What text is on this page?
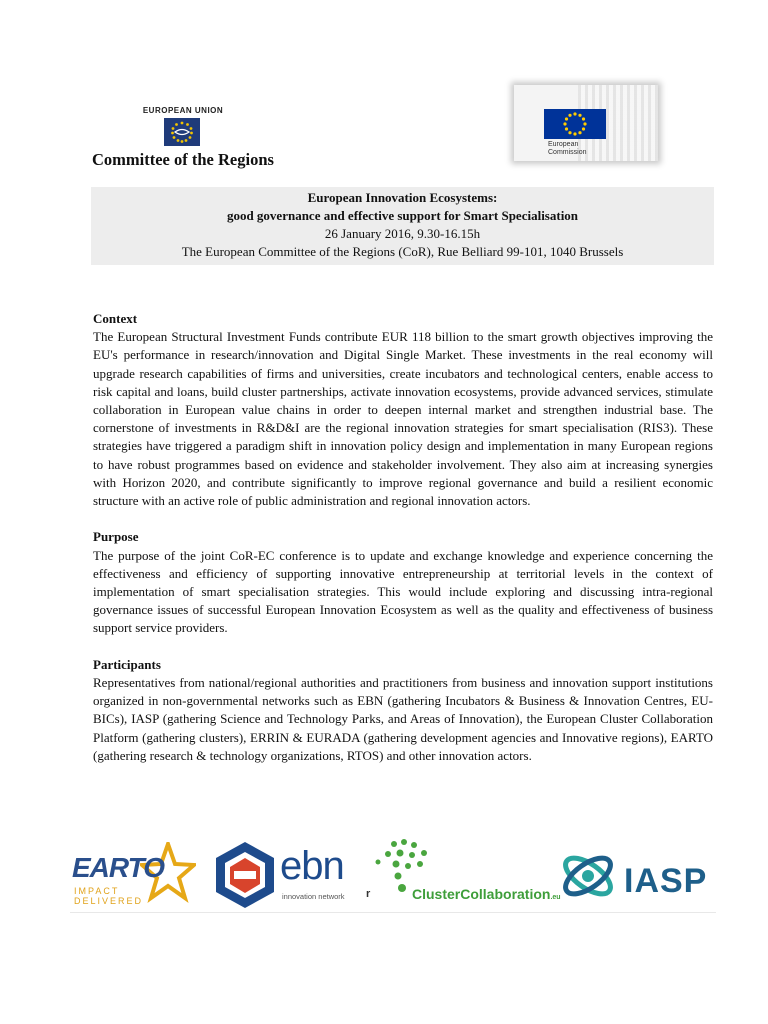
EUROPEAN UNION
Committee of the Regions
European
Commission
European Innovation Ecosystems:
good governance and effective support for Smart Specialisation
26 January 2016, 9.30-16.15h
The European Committee of the Regions (CoR), Rue Belliard 99-101, 1040 Brussels
Context

The European Structural Investment Funds contribute EUR 118 billion to the smart growth objectives improving the EU's performance in research/innovation and Digital Single Market. These investments in the real economy will upgrade research capabilities of firms and universities, create incubators and technological centers, enable access to risk capital and loans, build cluster partnerships, activate innovation ecosystems, provide advanced services, stimulate collaboration in European value chains in order to deepen internal market and strengthen industrial base. The cornerstone of investments in R&D&I are the regional innovation strategies for smart specialisation (RIS3). These strategies have triggered a paradigm shift in innovation policy design and implementation in many European regions to have robust programmes based on evidence and stakeholder involvement. They also aim at increasing synergies with Horizon 2020, and contribute significantly to improve regional governance and build a resilient economic structure with an active role of public administration and regional innovation actors.

Purpose

The purpose of the joint CoR-EC conference is to update and exchange knowledge and experience concerning the effectiveness and efficiency of supporting innovative entrepreneurship at territorial levels in the context of implementation of smart specialisation strategies. This would include exploring and discussing intra-regional governance issues of successful European Innovation Ecosystem as well as the quality and effectiveness of business support service providers.

Participants

Representatives from national/regional authorities and practitioners from business and innovation support institutions organized in non-governmental networks such as EBN (gathering Incubators & Business & Innovation Centres, EU-BICs), IASP (gathering Science and Technology Parks, and Areas of Innovation), the European Cluster Collaboration Platform (gathering clusters), ERRIN & EURADA (gathering development agencies and Innovative regions), EARTO (gathering research & technology organizations, RTOS) and other innovation actors.

EARTO
IMPACT
DELIVERED
ebn
innovation network r	ClusterCollaboration.eu IASP
